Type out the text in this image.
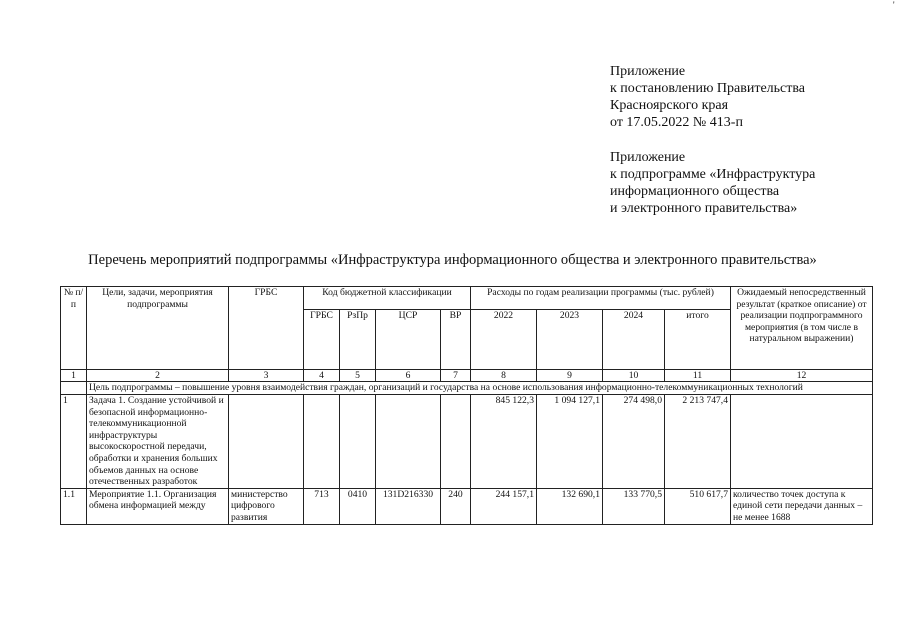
'
Приложение
к постановлению Правительства
Красноярского края
от 17.05.2022 № 413-п
Приложение
к подпрограмме «Инфраструктура
информационного общества
и электронного правительства»
Перечень мероприятий подпрограммы «Инфраструктура информационного общества и электронного правительства»
№ п/п	Цели, задачи, мероприятия подпрограммы	ГРБС	Код бюджетной классификации				Расходы по годам реализации программы (тыс. рублей)				Ожидаемый непосредственный результат (краткое описание) от реализации подпрограммного мероприятия (в том числе в натуральном выражении)
			ГРБС	РзПр	ЦСР	ВР	2022	2023	2024	итого	
1	2	3	4	5	6	7	8	9	10	11	12
	Цель подпрограммы – повышение уровня взаимодействия граждан, организаций и государства на основе использования информационно-телекоммуникационных технологий										
1	Задача 1. Создание устойчивой и безопасной информационно-телекоммуникационной инфраструктуры высокоскоростной передачи, обработки и хранения больших объемов данных на основе отечественных разработок						845 122,3	1 094 127,1	274 498,0	2 213 747,4	
1.1	Мероприятие 1.1. Организация обмена информацией между	министерство цифрового развития	713	0410	131D216330	240	244 157,1	132 690,1	133 770,5	510 617,7	количество точек доступа к единой сети передачи данных – не менее 1688
